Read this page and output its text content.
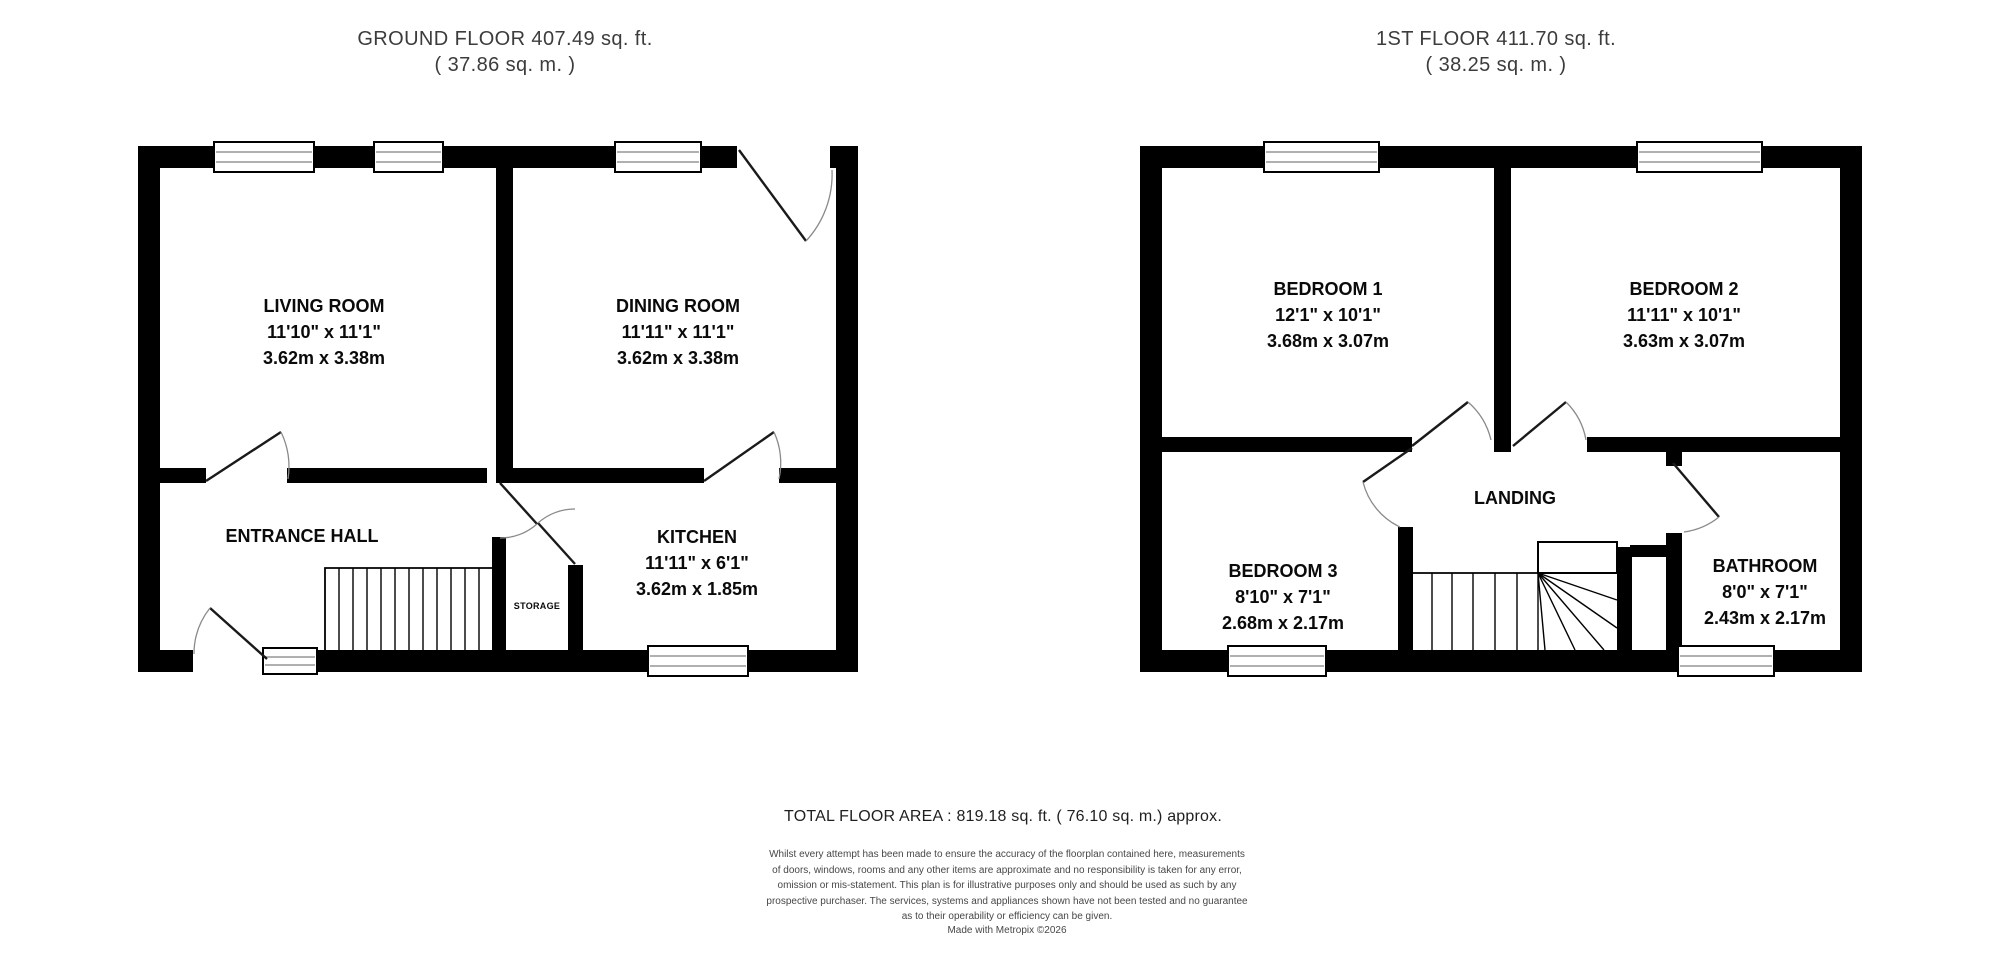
GROUND FLOOR 407.49 sq. ft.
( 37.86 sq. m. )
1ST FLOOR 411.70 sq. ft.
( 38.25 sq. m. )
LIVING ROOM
11'10" x 11'1"
3.62m x 3.38m
DINING ROOM
11'11" x 11'1"
3.62m x 3.38m
ENTRANCE HALL	KITCHEN
11'11" x 6'1"
3.62m x 1.85m
STORAGE
BEDROOM 1
12'1" x 10'1"
3.68m x 3.07m
BEDROOM 2
11'11" x 10'1"
3.63m x 3.07m
BEDROOM 3
8'10" x 7'1"
2.68m x 2.17m
LANDING
BATHROOM
8'0" x 7'1"
2.43m x 2.17m
TOTAL FLOOR AREA : 819.18 sq. ft. ( 76.10 sq. m.) approx.
Whilst every attempt has been made to ensure the accuracy of the floorplan contained here, measurements
of doors, windows, rooms and any other items are approximate and no responsibility is taken for any error,
omission or mis-statement. This plan is for illustrative purposes only and should be used as such by any
prospective purchaser. The services, systems and appliances shown have not been tested and no guarantee
as to their operability or efficiency can be given.
Made with Metropix ©2026
